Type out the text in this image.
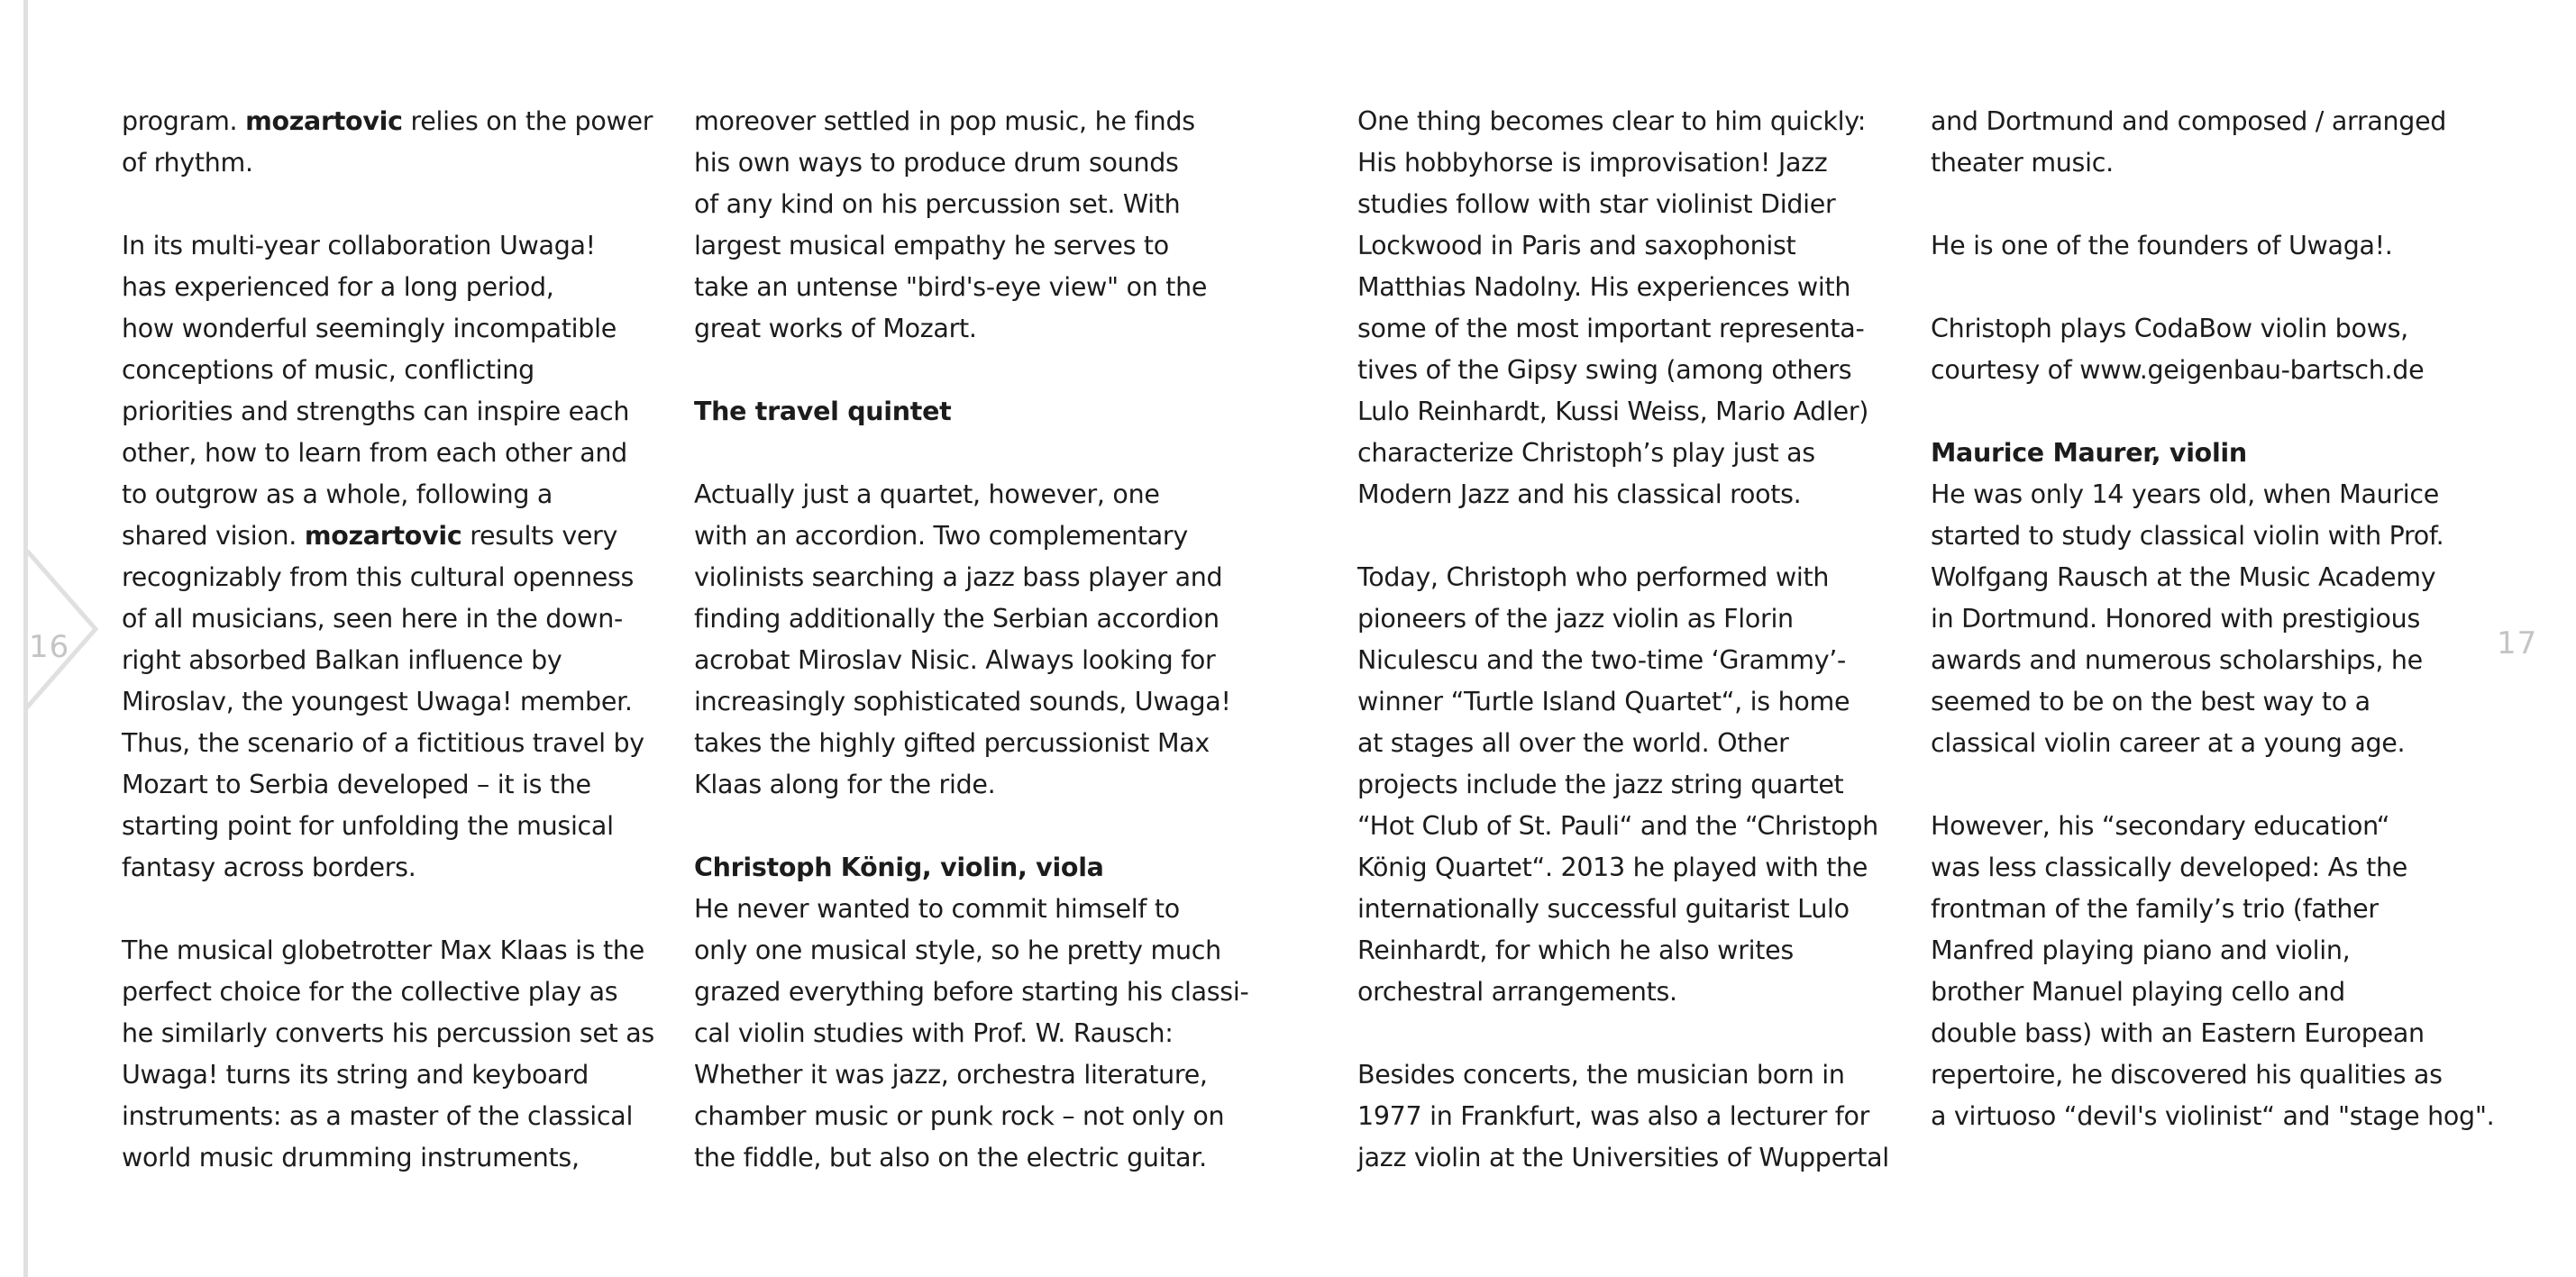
16	17

program. mozartovic relies on the power

of rhythm.

In its multi-year collaboration Uwaga!

has experienced for a long period,

how wonderful seemingly incompatible

conceptions of music, conflicting

priorities and strengths can inspire each

other, how to learn from each other and

to outgrow as a whole, following a

shared vision. mozartovic results very

recognizably from this cultural openness

of all musicians, seen here in the down-

right absorbed Balkan influence by

Miroslav, the youngest Uwaga! member.

Thus, the scenario of a fictitious travel by

Mozart to Serbia developed – it is the

starting point for unfolding the musical

fantasy across borders.

The musical globetrotter Max Klaas is the

perfect choice for the collective play as

he similarly converts his percussion set as

Uwaga! turns its string and keyboard

instruments: as a master of the classical

world music drumming instruments,

moreover settled in pop music, he finds

his own ways to produce drum sounds

of any kind on his percussion set. With

largest musical empathy he serves to

take an untense "bird's-eye view" on the

great works of Mozart.

The travel quintet

Actually just a quartet, however, one

with an accordion. Two complementary

violinists searching a jazz bass player and

finding additionally the Serbian accordion

acrobat Miroslav Nisic. Always looking for

increasingly sophisticated sounds, Uwaga!

takes the highly gifted percussionist Max

Klaas along for the ride.

Christoph König, violin, viola

He never wanted to commit himself to

only one musical style, so he pretty much

grazed everything before starting his classi-

cal violin studies with Prof. W. Rausch:

Whether it was jazz, orchestra literature,

chamber music or punk rock – not only on

the fiddle, but also on the electric guitar.

One thing becomes clear to him quickly:

His hobbyhorse is improvisation! Jazz

studies follow with star violinist Didier

Lockwood in Paris and saxophonist

Matthias Nadolny. His experiences with

some of the most important representa-

tives of the Gipsy swing (among others

Lulo Reinhardt, Kussi Weiss, Mario Adler)

characterize Christoph’s play just as

Modern Jazz and his classical roots.

Today, Christoph who performed with

pioneers of the jazz violin as Florin

Niculescu and the two-time ‘Grammy’-

winner “Turtle Island Quartet“, is home

at stages all over the world. Other

projects include the jazz string quartet

“Hot Club of St. Pauli“ and the “Christoph

König Quartet“. 2013 he played with the

internationally successful guitarist Lulo

Reinhardt, for which he also writes

orchestral arrangements.

Besides concerts, the musician born in

1977 in Frankfurt, was also a lecturer for

jazz violin at the Universities of Wuppertal

and Dortmund and composed / arranged

theater music.

He is one of the founders of Uwaga!.

Christoph plays CodaBow violin bows,

courtesy of www.geigenbau-bartsch.de

Maurice Maurer, violin

He was only 14 years old, when Maurice

started to study classical violin with Prof.

Wolfgang Rausch at the Music Academy

in Dortmund. Honored with prestigious

awards and numerous scholarships, he

seemed to be on the best way to a

classical violin career at a young age.

However, his “secondary education“

was less classically developed: As the

frontman of the family’s trio (father

Manfred playing piano and violin,

brother Manuel playing cello and

double bass) with an Eastern European

repertoire, he discovered his qualities as

a virtuoso “devil's violinist“ and "stage hog".
